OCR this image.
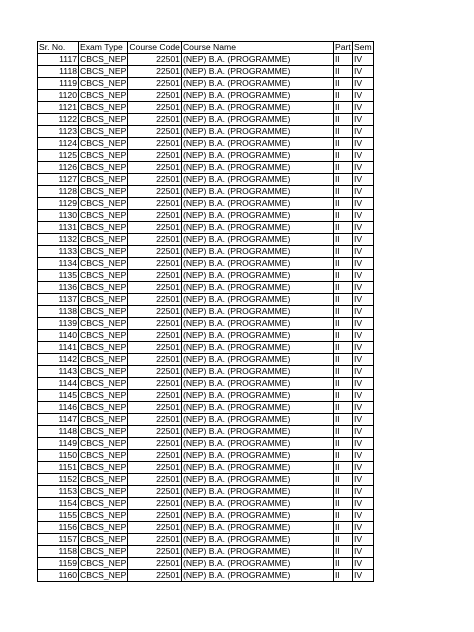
Sr. No.	Exam Type	Course Code	Course Name	Part	Sem
1117	CBCS_NEP	22501	(NEP) B.A. (PROGRAMME)	II	IV
1118	CBCS_NEP	22501	(NEP) B.A. (PROGRAMME)	II	IV
1119	CBCS_NEP	22501	(NEP) B.A. (PROGRAMME)	II	IV
1120	CBCS_NEP	22501	(NEP) B.A. (PROGRAMME)	II	IV
1121	CBCS_NEP	22501	(NEP) B.A. (PROGRAMME)	II	IV
1122	CBCS_NEP	22501	(NEP) B.A. (PROGRAMME)	II	IV
1123	CBCS_NEP	22501	(NEP) B.A. (PROGRAMME)	II	IV
1124	CBCS_NEP	22501	(NEP) B.A. (PROGRAMME)	II	IV
1125	CBCS_NEP	22501	(NEP) B.A. (PROGRAMME)	II	IV
1126	CBCS_NEP	22501	(NEP) B.A. (PROGRAMME)	II	IV
1127	CBCS_NEP	22501	(NEP) B.A. (PROGRAMME)	II	IV
1128	CBCS_NEP	22501	(NEP) B.A. (PROGRAMME)	II	IV
1129	CBCS_NEP	22501	(NEP) B.A. (PROGRAMME)	II	IV
1130	CBCS_NEP	22501	(NEP) B.A. (PROGRAMME)	II	IV
1131	CBCS_NEP	22501	(NEP) B.A. (PROGRAMME)	II	IV
1132	CBCS_NEP	22501	(NEP) B.A. (PROGRAMME)	II	IV
1133	CBCS_NEP	22501	(NEP) B.A. (PROGRAMME)	II	IV
1134	CBCS_NEP	22501	(NEP) B.A. (PROGRAMME)	II	IV
1135	CBCS_NEP	22501	(NEP) B.A. (PROGRAMME)	II	IV
1136	CBCS_NEP	22501	(NEP) B.A. (PROGRAMME)	II	IV
1137	CBCS_NEP	22501	(NEP) B.A. (PROGRAMME)	II	IV
1138	CBCS_NEP	22501	(NEP) B.A. (PROGRAMME)	II	IV
1139	CBCS_NEP	22501	(NEP) B.A. (PROGRAMME)	II	IV
1140	CBCS_NEP	22501	(NEP) B.A. (PROGRAMME)	II	IV
1141	CBCS_NEP	22501	(NEP) B.A. (PROGRAMME)	II	IV
1142	CBCS_NEP	22501	(NEP) B.A. (PROGRAMME)	II	IV
1143	CBCS_NEP	22501	(NEP) B.A. (PROGRAMME)	II	IV
1144	CBCS_NEP	22501	(NEP) B.A. (PROGRAMME)	II	IV
1145	CBCS_NEP	22501	(NEP) B.A. (PROGRAMME)	II	IV
1146	CBCS_NEP	22501	(NEP) B.A. (PROGRAMME)	II	IV
1147	CBCS_NEP	22501	(NEP) B.A. (PROGRAMME)	II	IV
1148	CBCS_NEP	22501	(NEP) B.A. (PROGRAMME)	II	IV
1149	CBCS_NEP	22501	(NEP) B.A. (PROGRAMME)	II	IV
1150	CBCS_NEP	22501	(NEP) B.A. (PROGRAMME)	II	IV
1151	CBCS_NEP	22501	(NEP) B.A. (PROGRAMME)	II	IV
1152	CBCS_NEP	22501	(NEP) B.A. (PROGRAMME)	II	IV
1153	CBCS_NEP	22501	(NEP) B.A. (PROGRAMME)	II	IV
1154	CBCS_NEP	22501	(NEP) B.A. (PROGRAMME)	II	IV
1155	CBCS_NEP	22501	(NEP) B.A. (PROGRAMME)	II	IV
1156	CBCS_NEP	22501	(NEP) B.A. (PROGRAMME)	II	IV
1157	CBCS_NEP	22501	(NEP) B.A. (PROGRAMME)	II	IV
1158	CBCS_NEP	22501	(NEP) B.A. (PROGRAMME)	II	IV
1159	CBCS_NEP	22501	(NEP) B.A. (PROGRAMME)	II	IV
1160	CBCS_NEP	22501	(NEP) B.A. (PROGRAMME)	II	IV
